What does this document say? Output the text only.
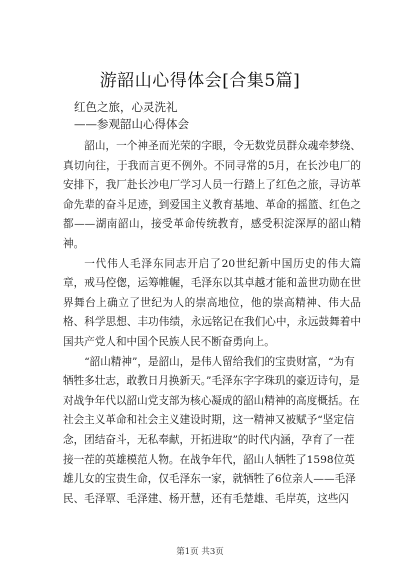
游韶山心得体会[合集5篇]
红色之旅，心灵洗礼
——参观韶山心得体会

韶山，一个神圣而光荣的字眼，令无数党员群众魂牵梦绕、真切向往，于我而言更不例外。不同寻常的5月，在长沙电厂的安排下，我厂赴长沙电厂学习人员一行踏上了红色之旅，寻访革命先辈的奋斗足迹，到爱国主义教育基地、革命的摇篮、红色之都——湖南韶山，接受革命传统教育，感受积淀深厚的韶山精神。

一代伟人毛泽东同志开启了20世纪新中国历史的伟大篇章，戒马倥偬，运筹帷幄，毛泽东以其卓越才能和盖世功勋在世界舞台上确立了世纪为人的崇高地位，他的崇高精神、伟大品格、科学思想、丰功伟绩，永远铭记在我们心中，永远鼓舞着中国共产党人和中国个民族人民不断奋勇向上。

“韶山精神”，是韶山，是伟人留给我们的宝贵财富，“为有牺牲多壮志，敢教日月换新天。”毛泽东字字珠玑的豪迈诗句，是对战争年代以韶山党支部为核心凝成的韶山精神的高度概括。在社会主义革命和社会主义建设时期，这一精神又被赋予“坚定信念，团结奋斗，无私奉献，开拓进取”的时代内涵，孕育了一茬接一茬的英雄模范人物。在战争年代，韶山人牺牲了1598位英雄儿女的宝贵生命，仅毛泽东一家，就牺牲了6位亲人——毛泽民、毛泽覃、毛泽建、杨开慧，还有毛楚雄、毛岸英，这些闪

第1页 共3页
